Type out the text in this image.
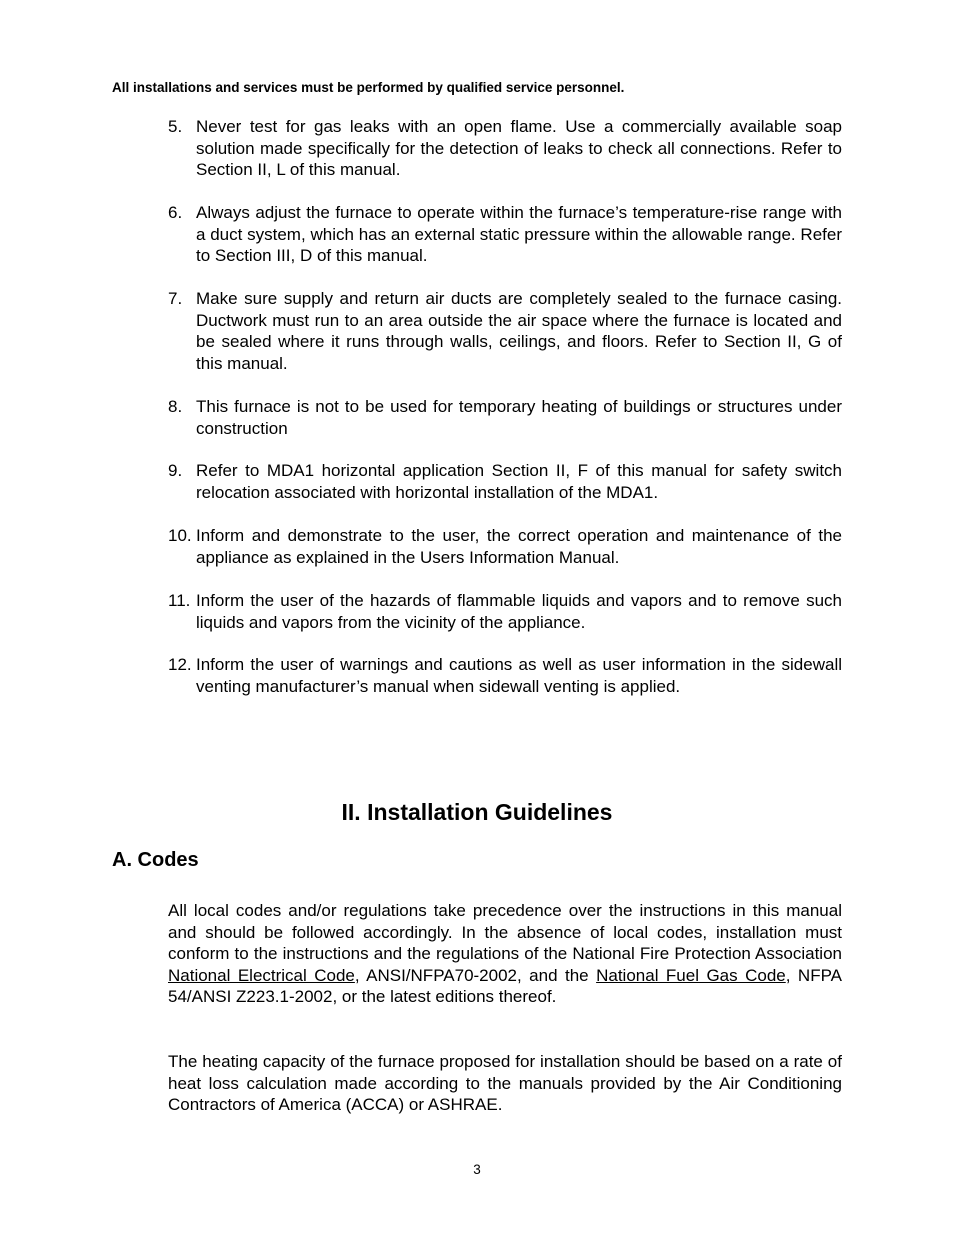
All installations and services must be performed by qualified service personnel.
5. Never test for gas leaks with an open flame. Use a commercially available soap solution made specifically for the detection of leaks to check all connections. Refer to Section II, L of this manual.
6. Always adjust the furnace to operate within the furnace’s temperature-rise range with a duct system, which has an external static pressure within the allowable range. Refer to Section III, D of this manual.
7. Make sure supply and return air ducts are completely sealed to the furnace casing. Ductwork must run to an area outside the air space where the furnace is located and be sealed where it runs through walls, ceilings, and floors. Refer to Section II, G of this manual.
8. This furnace is not to be used for temporary heating of buildings or structures under construction
9. Refer to MDA1 horizontal application Section II, F of this manual for safety switch relocation associated with horizontal installation of the MDA1.
10. Inform and demonstrate to the user, the correct operation and maintenance of the appliance as explained in the Users Information Manual.
11. Inform the user of the hazards of flammable liquids and vapors and to remove such liquids and vapors from the vicinity of the appliance.
12. Inform the user of warnings and cautions as well as user information in the sidewall venting manufacturer’s manual when sidewall venting is applied.
II. Installation Guidelines
A. Codes
All local codes and/or regulations take precedence over the instructions in this manual and should be followed accordingly. In the absence of local codes, installation must conform to the instructions and the regulations of the National Fire Protection Association National Electrical Code, ANSI/NFPA70-2002, and the National Fuel Gas Code, NFPA 54/ANSI Z223.1-2002, or the latest editions thereof.
The heating capacity of the furnace proposed for installation should be based on a rate of heat loss calculation made according to the manuals provided by the Air Conditioning Contractors of America (ACCA) or ASHRAE.
3
